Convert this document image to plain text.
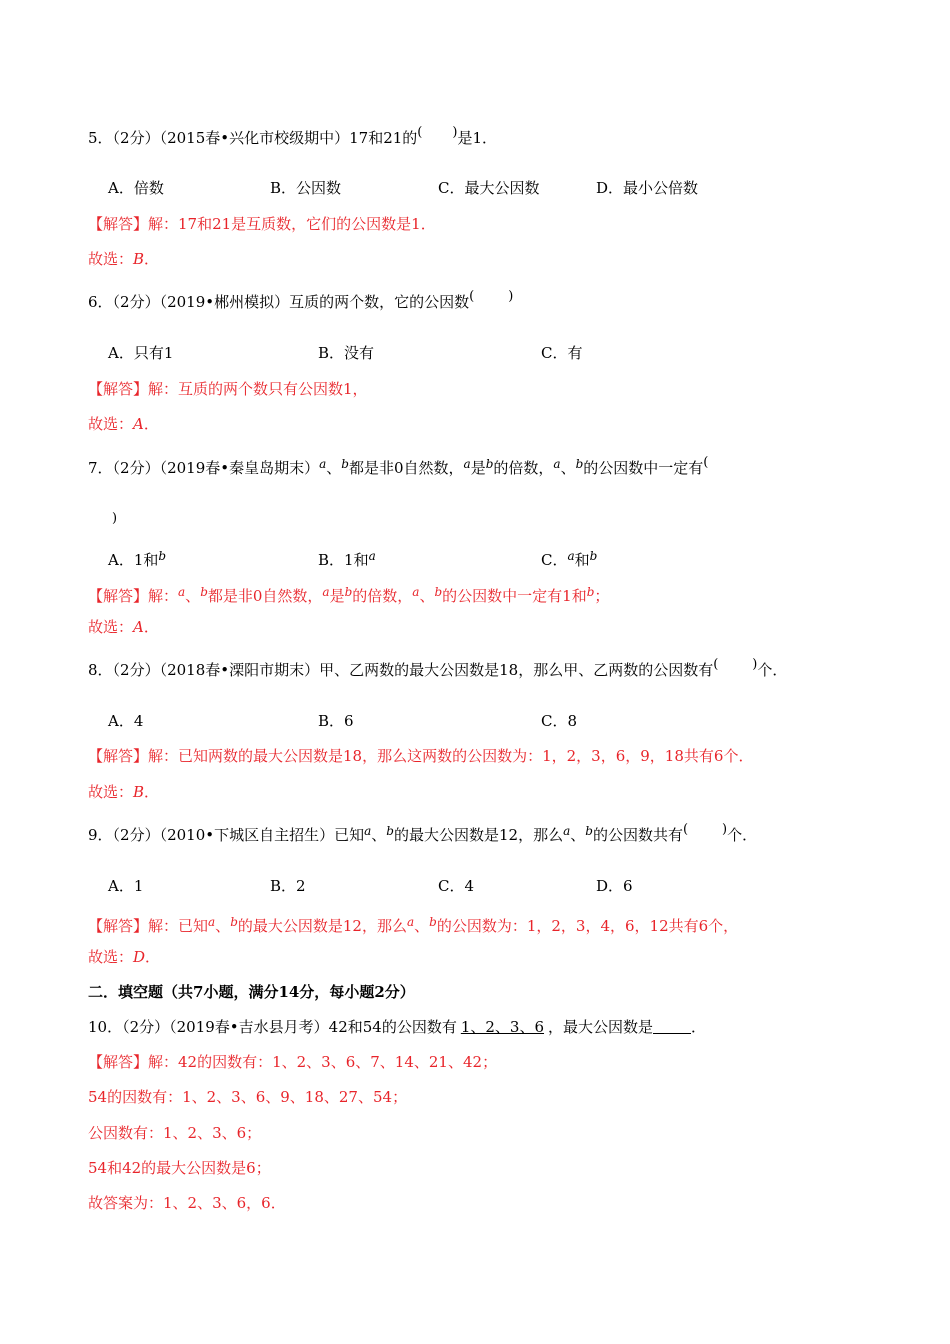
5．（2分）（2015春•兴化市校级期中）17和21的( )是1．
A．倍数	B．公因数	C．最大公因数	D．最小公倍数
【解答】解：17和21是互质数，它们的公因数是1．
故选：B．
6．（2分）（2019•郴州模拟）互质的两个数，它的公因数(	)
A．只有1	B．没有	C．有
【解答】解：互质的两个数只有公因数1，
故选：A．
7．（2分）（2019春•秦皇岛期末）$^a$、$^b$都是非0自然数，$^a$是$^b$的倍数，$^a$、$^b$的公因数中一定有(
)
A．1和$^b$	B．1和$^a$	C．$^a$和$^b$
【解答】解：$^a$、$^b$都是非0自然数，$^a$是$^b$的倍数，$^a$、$^b$的公因数中一定有1和$^b$；
故选：A．
8．（2分）（2018春•溧阳市期末）甲、乙两数的最大公因数是18，那么甲、乙两数的公因数有(	)个．
A．4	B．6	C．8
【解答】解：已知两数的最大公因数是18，那么这两数的公因数为：1，2，3，6，9，18共有6个．
故选：B．
9．（2分）（2010•下城区自主招生）已知$^a$、$^b$的最大公因数是12，那么$^a$、$^b$的公因数共有(	)个．
A．1	B．2	C．4	D．6
【解答】解：已知$^a$、$^b$的最大公因数是12，那么$^a$、$^b$的公因数为：1，2，3，4，6，12共有6个，
故选：D．
二．填空题（共7小题，满分14分，每小题2分）
10．（2分）（2019春•吉水县月考）42和54的公因数有 1、2、3、6 ，最大公因数是	．
【解答】解：42的因数有：1、2、3、6、7、14、21、42；
54的因数有：1、2、3、6、9、18、27、54；
公因数有：1、2、3、6；
54和42的最大公因数是6；
故答案为：1、2、3、6，6．
